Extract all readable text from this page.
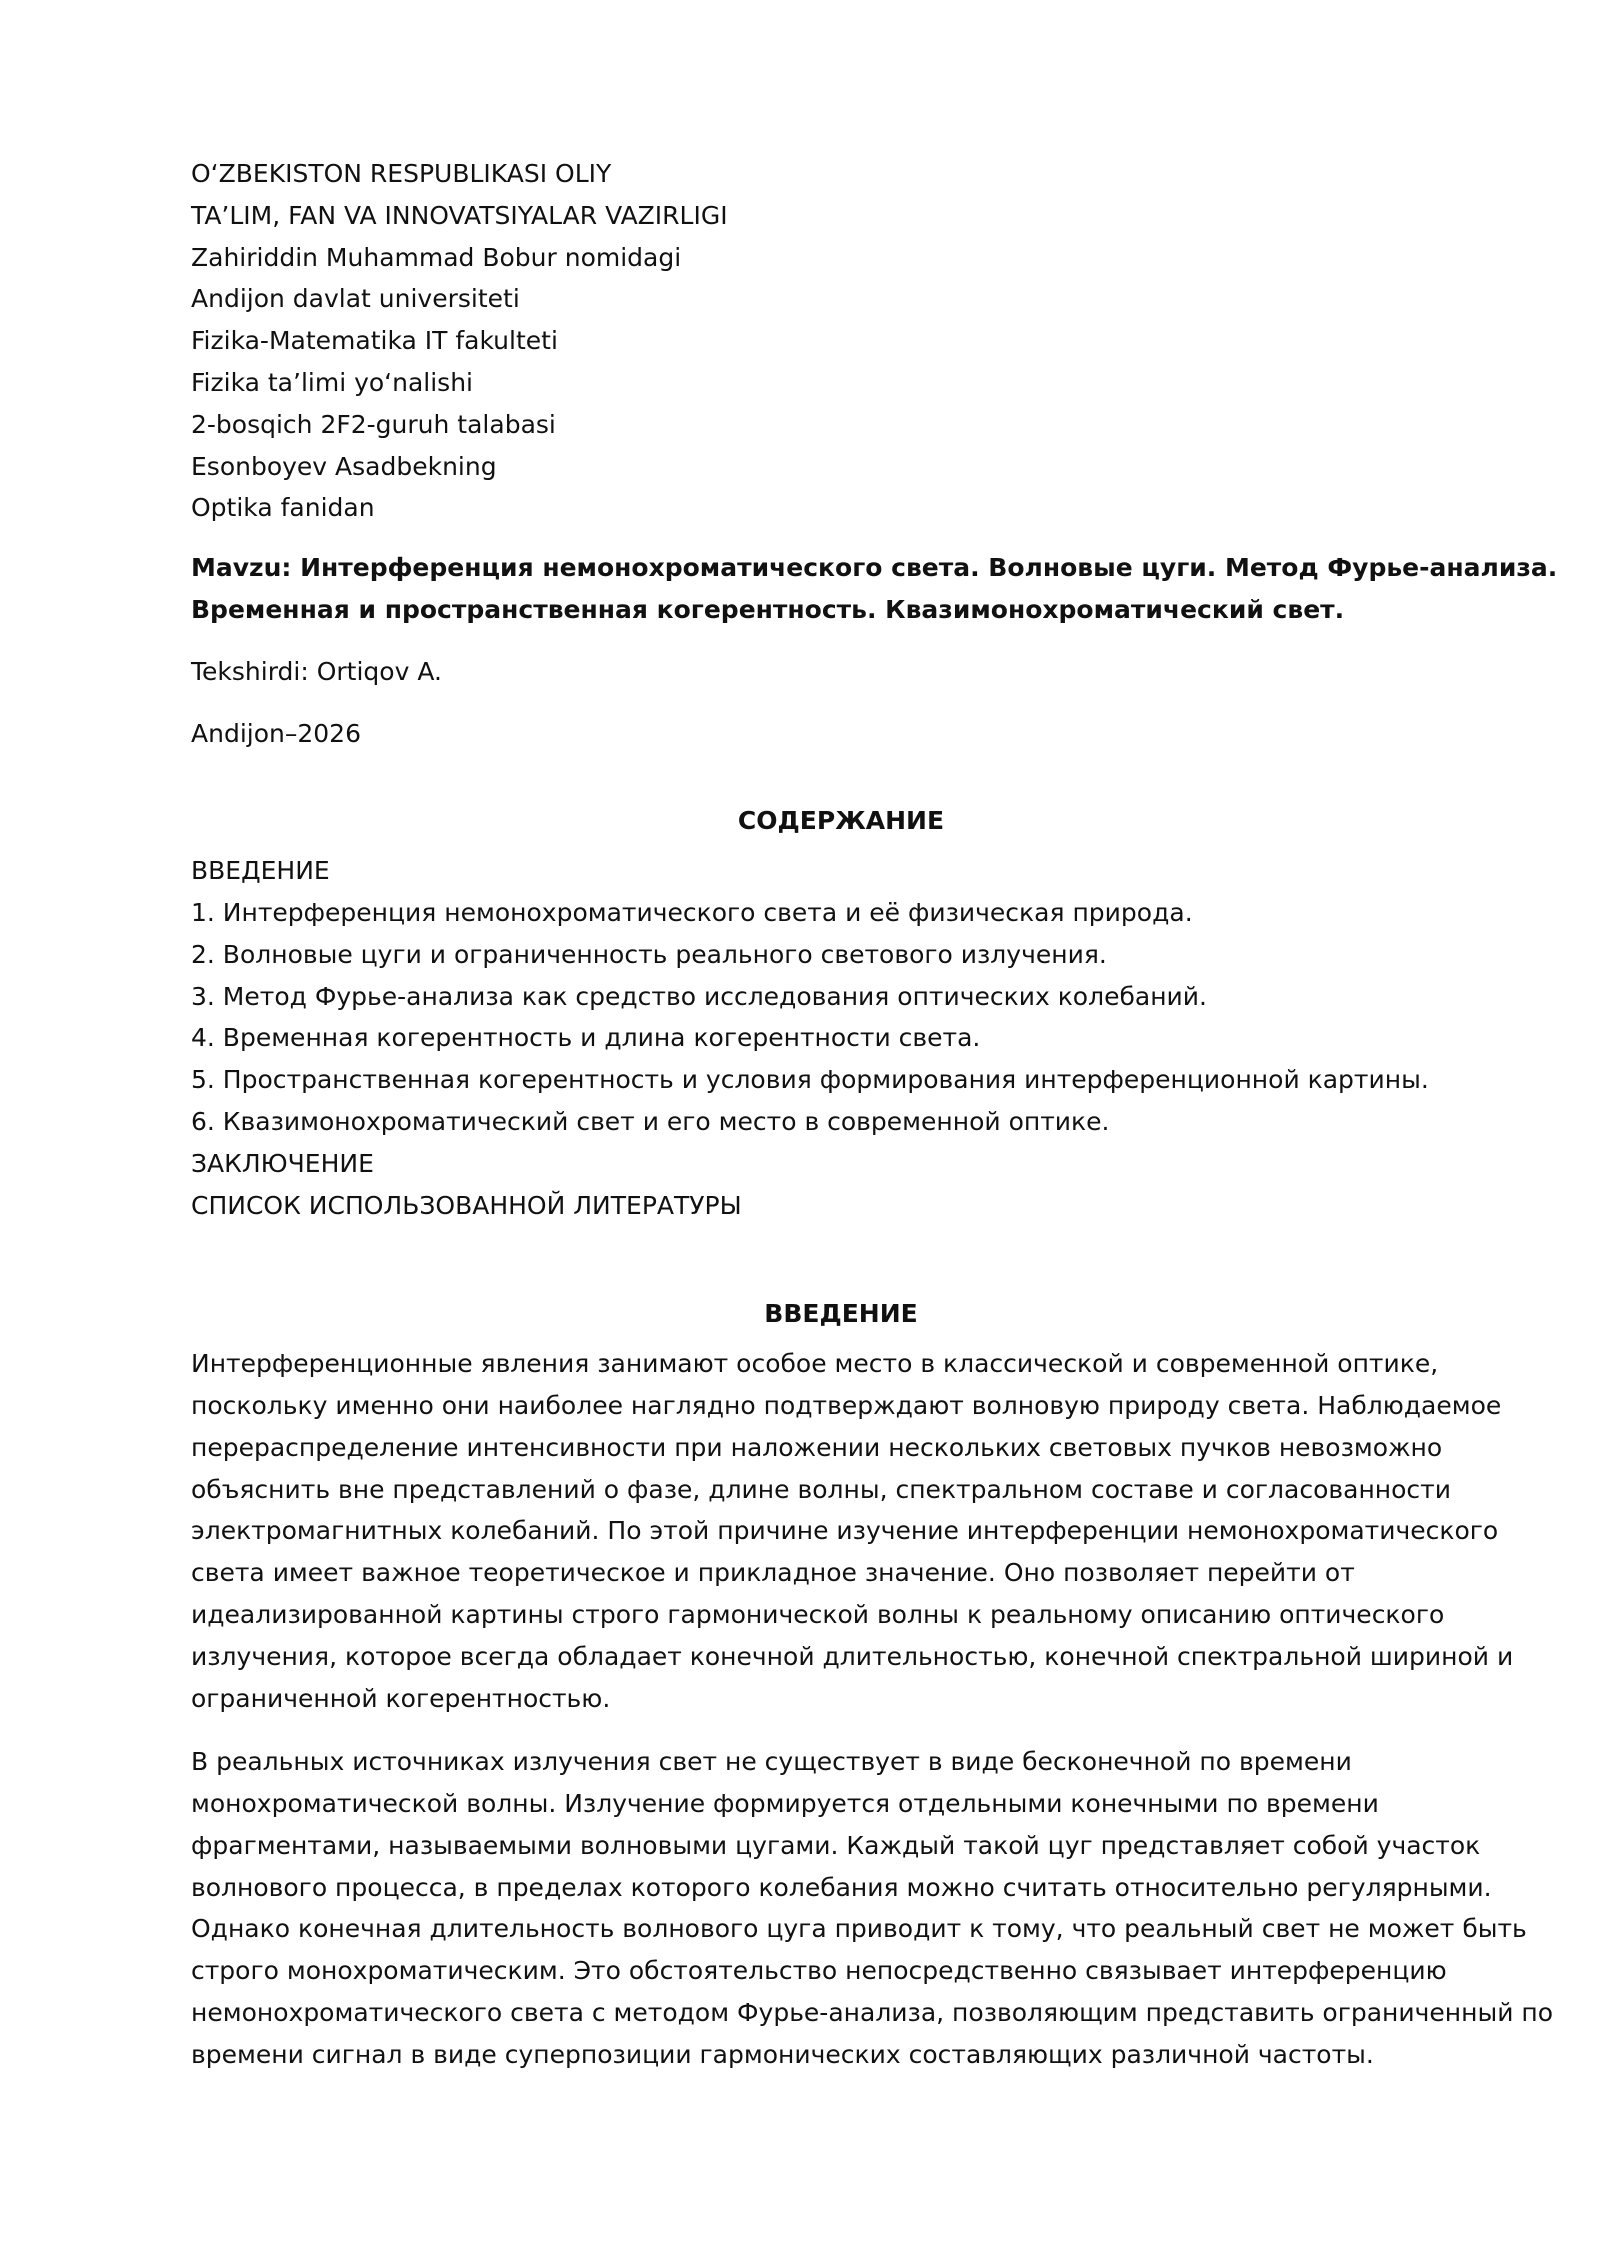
O‘ZBEKISTON RESPUBLIKASI OLIY
TA’LIM, FAN VA INNOVATSIYALAR VAZIRLIGI
Zahiriddin Muhammad Bobur nomidagi
Andijon davlat universiteti
Fizika-Matematika IT fakulteti
Fizika ta’limi yo‘nalishi
2-bosqich 2F2-guruh talabasi
Esonboyev Asadbekning
Optika fanidan
Mavzu: Интерференция немонохроматического света. Волновые цуги. Метод Фурье-анализа.
Временная и пространственная когерентность. Квазимонохроматический свет.
Tekshirdi: Ortiqov A.
Andijon–2026
СОДЕРЖАНИЕ
ВВЕДЕНИЕ
1. Интерференция немонохроматического света и её физическая природа.
2. Волновые цуги и ограниченность реального светового излучения.
3. Метод Фурье-анализа как средство исследования оптических колебаний.
4. Временная когерентность и длина когерентности света.
5. Пространственная когерентность и условия формирования интерференционной картины.
6. Квазимонохроматический свет и его место в современной оптике.
ЗАКЛЮЧЕНИЕ
СПИСОК ИСПОЛЬЗОВАННОЙ ЛИТЕРАТУРЫ
ВВЕДЕНИЕ
Интерференционные явления занимают особое место в классической и современной оптике,
поскольку именно они наиболее наглядно подтверждают волновую природу света. Наблюдаемое
перераспределение интенсивности при наложении нескольких световых пучков невозможно
объяснить вне представлений о фазе, длине волны, спектральном составе и согласованности
электромагнитных колебаний. По этой причине изучение интерференции немонохроматического
света имеет важное теоретическое и прикладное значение. Оно позволяет перейти от
идеализированной картины строго гармонической волны к реальному описанию оптического
излучения, которое всегда обладает конечной длительностью, конечной спектральной шириной и
ограниченной когерентностью.
В реальных источниках излучения свет не существует в виде бесконечной по времени
монохроматической волны. Излучение формируется отдельными конечными по времени
фрагментами, называемыми волновыми цугами. Каждый такой цуг представляет собой участок
волнового процесса, в пределах которого колебания можно считать относительно регулярными.
Однако конечная длительность волнового цуга приводит к тому, что реальный свет не может быть
строго монохроматическим. Это обстоятельство непосредственно связывает интерференцию
немонохроматического света с методом Фурье-анализа, позволяющим представить ограниченный по
времени сигнал в виде суперпозиции гармонических составляющих различной частоты.
